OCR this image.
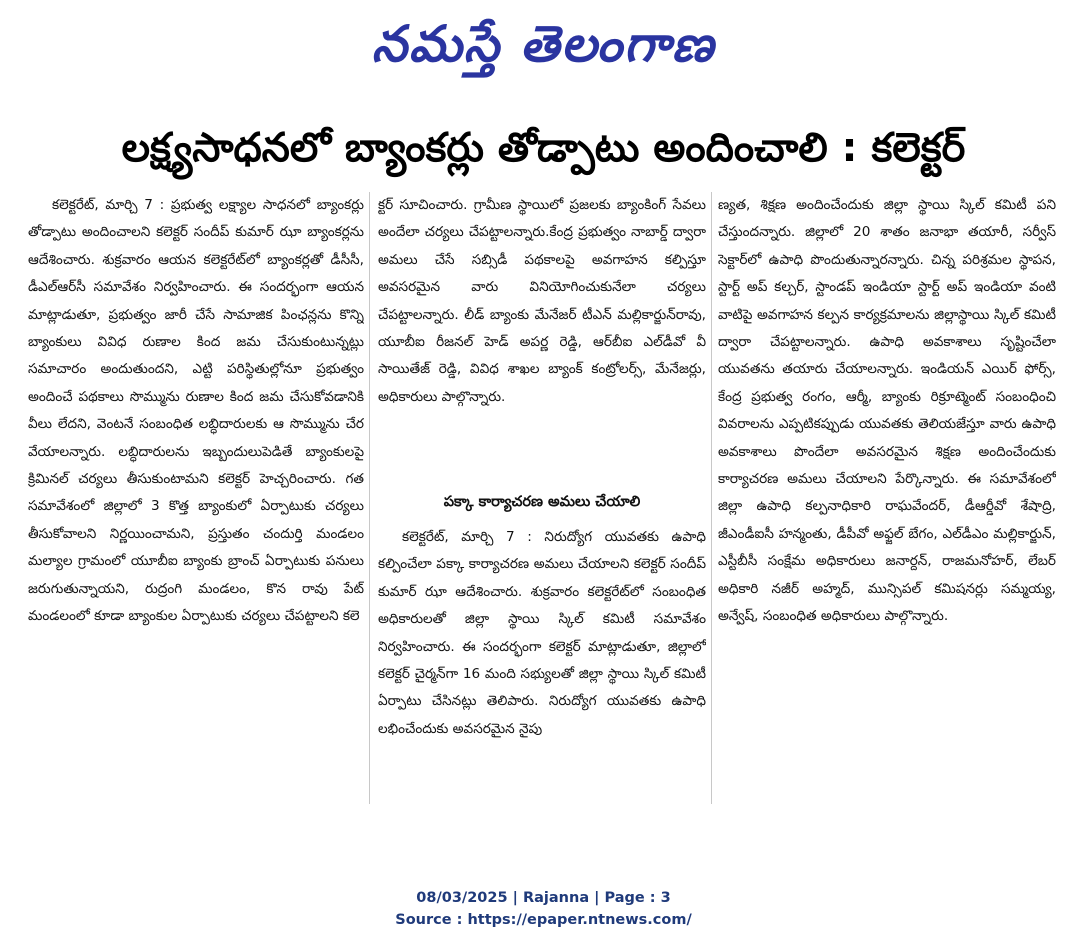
నమస్తే తెలంగాణ
లక్ష్యసాధనలో బ్యాంకర్లు తోడ్పాటు అందించాలి : కలెక్టర్

కలెక్టరేట్, మార్చి 7 : ప్రభుత్వ లక్ష్యాల సాధనలో బ్యాంకర్లు తోడ్పాటు అందించాలని కలెక్టర్ సందీప్ కుమార్ ఝా బ్యాంకర్లను ఆదేశించారు. శుక్రవారం ఆయన కలెక్టరేట్‌లో బ్యాంకర్లతో డీసీసీ, డీఎల్‌ఆర్‌సీ సమావేశం నిర్వహించారు. ఈ సందర్భంగా ఆయన మాట్లాడుతూ, ప్రభుత్వం జారీ చేసే సామాజిక పింఛన్లను కొన్ని బ్యాంకులు వివిధ రుణాల కింద జమ చేసుకుంటున్నట్లు సమాచారం అందుతుందని, ఎట్టి పరిస్థితుల్లోనూ ప్రభుత్వం అందించే పథకాలు సొమ్మును రుణాల కింద జమ చేసుకోవడానికి వీలు లేదని, వెంటనే సంబంధిత లబ్ధిదారులకు ఆ సొమ్మును చేర వేయాలన్నారు. లబ్ధిదారులను ఇబ్బందులుపెడితే బ్యాంకులపై క్రిమినల్ చర్యలు తీసుకుంటామని కలెక్టర్ హెచ్చరించారు. గత సమావేశంలో జిల్లాలో 3 కొత్త బ్యాంకులో ఏర్పాటుకు చర్యలు తీసుకోవాలని నిర్ణయించామని, ప్రస్తుతం చందుర్తి మండలం మల్యాల గ్రామంలో యూబీఐ బ్యాంకు బ్రాంచ్ ఏర్పాటుకు పనులు జరుగుతున్నాయని, రుద్రంగి మండలం, కొన రావు పేట్ మండలంలో కూడా బ్యాంకుల ఏర్పాటుకు చర్యలు చేపట్టాలని కలె

క్టర్ సూచించారు. గ్రామీణ స్థాయిలో ప్రజలకు బ్యాంకింగ్ సేవలు అందేలా చర్యలు చేపట్టాలన్నారు.కేంద్ర ప్రభుత్వం నాబార్డ్ ద్వారా అమలు చేసే సబ్సిడీ పథకాలపై అవగాహన కల్పిస్తూ అవసరమైన వారు వినియోగించుకునేలా చర్యలు చేపట్టాలన్నారు. లీడ్ బ్యాంకు మేనేజర్ టీఎన్ మల్లికార్జున్‌రావు, యూబీఐ రీజనల్ హెడ్ అపర్ణ రెడ్డి, ఆర్‌బీఐ ఎల్‌డీవో వీ సాయితేజ్ రెడ్డి, వివిధ శాఖల బ్యాంక్ కంట్రోలర్స్, మేనేజర్లు, అధికారులు పాల్గొన్నారు.

పక్కా కార్యాచరణ అమలు చేయాలి

కలెక్టరేట్, మార్చి 7 : నిరుద్యోగ యువతకు ఉపాధి కల్పించేలా పక్కా కార్యాచరణ అమలు చేయాలని కలెక్టర్ సందీప్ కుమార్ ఝా ఆదేశించారు. శుక్రవారం కలెక్టరేట్‌లో సంబంధిత అధికారులతో జిల్లా స్థాయి స్కిల్ కమిటీ సమావేశం నిర్వహించారు. ఈ సందర్భంగా కలెక్టర్ మాట్లాడుతూ, జిల్లాలో కలెక్టర్ చైర్మన్‌గా 16 మంది సభ్యులతో జిల్లా స్థాయి స్కిల్ కమిటీ ఏర్పాటు చేసినట్లు తెలిపారు. నిరుద్యోగ యువతకు ఉపాధి లభించేందుకు అవసరమైన నైపు

ణ్యత, శిక్షణ అందించేందుకు జిల్లా స్థాయి స్కిల్ కమిటీ పని చేస్తుందన్నారు. జిల్లాలో 20 శాతం జనాభా తయారీ, సర్వీస్ సెక్టార్‌లో ఉపాధి పొందుతున్నారన్నారు. చిన్న పరిశ్రమల స్థాపన, స్టార్ట్ అప్ కల్చర్, స్టాండప్ ఇండియా స్టార్ట్ అప్ ఇండియా వంటి వాటిపై అవగాహన కల్పన కార్యక్రమాలను జిల్లాస్థాయి స్కిల్ కమిటీ ద్వారా చేపట్టాలన్నారు. ఉపాధి అవకాశాలు సృష్టించేలా యువతను తయారు చేయాలన్నారు. ఇండియన్ ఎయిర్ ఫోర్స్, కేంద్ర ప్రభుత్వ రంగం, ఆర్మీ, బ్యాంకు రిక్రూట్మెంట్ సంబంధించి వివరాలను ఎప్పటికప్పుడు యువతకు తెలియజేస్తూ వారు ఉపాధి అవకాశాలు పొందేలా అవసరమైన శిక్షణ అందించేందుకు కార్యాచరణ అమలు చేయాలని పేర్కొన్నారు. ఈ సమావేశంలో జిల్లా ఉపాధి కల్పనాధికారి రాఘవేందర్, డీఆర్డీవో శేషాద్రి, జీఎండీఐసీ హన్మంతు, డీపీవో అఫ్జల్ బేగం, ఎల్‌డీఎం మల్లికార్జున్, ఎస్టీబీసీ సంక్షేమ అధికారులు జనార్దన్, రాజమనోహర్, లేబర్ అధికారి నజీర్ అహ్మద్, మున్సిపల్ కమిషనర్లు సమ్మయ్య, అన్వేష్, సంబంధిత అధికారులు పాల్గొన్నారు.

08/03/2025 | Rajanna | Page : 3
Source : https://epaper.ntnews.com/
